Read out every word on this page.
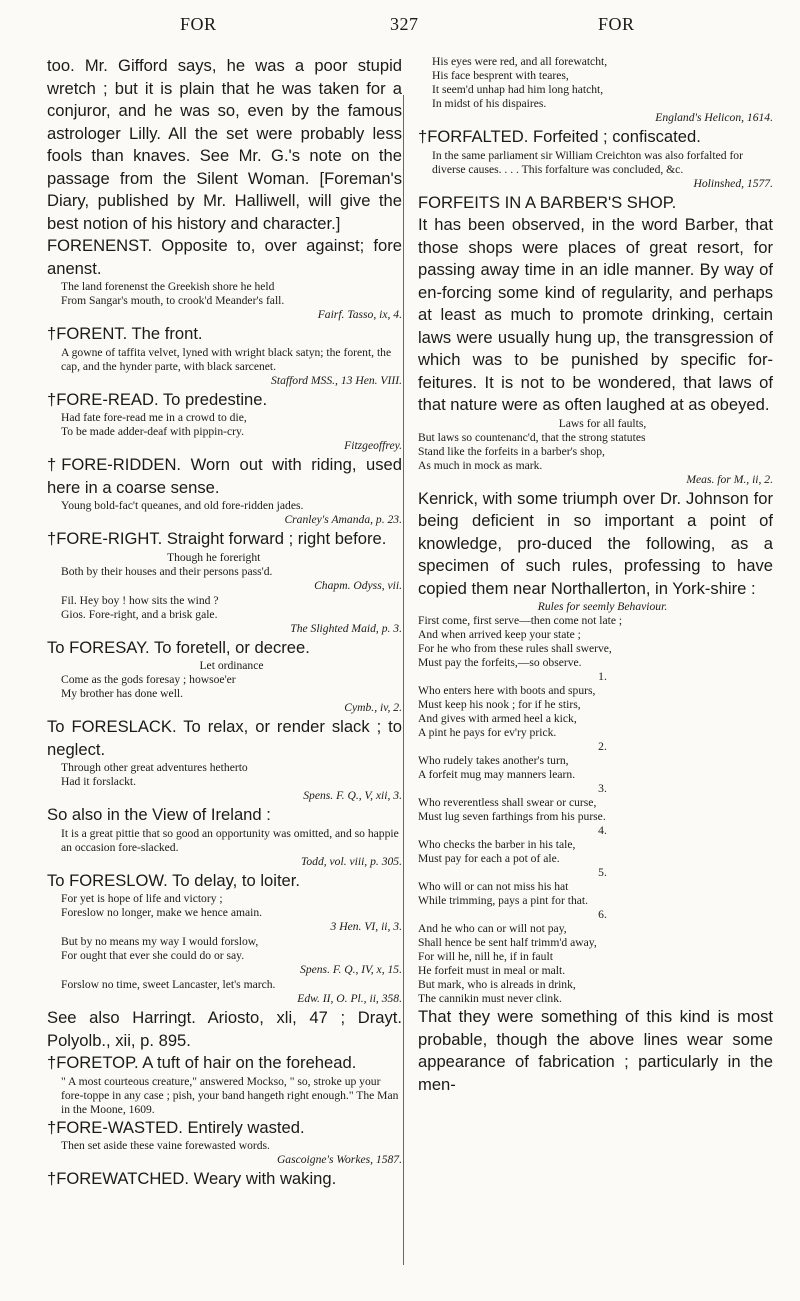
FOR	327	FOR

too. Mr. Gifford says, he was a poor stupid wretch ; but it is plain that he was taken for a conjuror, and he was so, even by the famous astrologer Lilly. All the set were probably less fools than knaves. See Mr. G.'s note on the passage from the Silent Woman. [Foreman's Diary, published by Mr. Halliwell, will give the best notion of his history and character.]

FORENENST. Opposite to, over against; fore anenst.

The land forenenst the Greekish shore he held

From Sangar's mouth, to crook'd Meander's fall.

Fairf. Tasso, ix, 4.

†FORENT. The front.

A gowne of taffita velvet, lyned with wright black satyn; the forent, the cap, and the hynder parte, with black sarcenet.

Stafford MSS., 13 Hen. VIII.

†FORE-READ. To predestine.

Had fate fore-read me in a crowd to die,

To be made adder-deaf with pippin-cry.

Fitzgeoffrey.

†FORE-RIDDEN. Worn out with riding, used here in a coarse sense.

Young bold-fac't queanes, and old fore-ridden jades.

Cranley's Amanda, p. 23.

†FORE-RIGHT. Straight forward ; right before.

Though he foreright

Both by their houses and their persons pass'd.

Chapm. Odyss, vii.

Fil. Hey boy ! how sits the wind ?

Gios. Fore-right, and a brisk gale.

The Slighted Maid, p. 3.

To FORESAY. To foretell, or decree.

Let ordinance

Come as the gods foresay ; howsoe'er

My brother has done well.

Cymb., iv, 2.

To FORESLACK. To relax, or render slack ; to neglect.

Through other great adventures hetherto

Had it forslackt.

Spens. F. Q., V, xii, 3.

So also in the View of Ireland :

It is a great pittie that so good an opportunity was omitted, and so happie an occasion fore-slacked.

Todd, vol. viii, p. 305.

To FORESLOW. To delay, to loiter.

For yet is hope of life and victory ;

Foreslow no longer, make we hence amain.

3 Hen. VI, ii, 3.

But by no means my way I would forslow,

For ought that ever she could do or say.

Spens. F. Q., IV, x, 15.

Forslow no time, sweet Lancaster, let's march.

Edw. II, O. Pl., ii, 358.

See also Harringt. Ariosto, xli, 47 ; Drayt. Polyolb., xii, p. 895.

†FORETOP. A tuft of hair on the forehead.

" A most courteous creature," answered Mockso, " so, stroke up your fore-toppe in any case ; pish, your band hangeth right enough." The Man in the Moone, 1609.

†FORE-WASTED. Entirely wasted.

Then set aside these vaine forewasted words.

Gascoigne's Workes, 1587.

†FOREWATCHED. Weary with waking.

His eyes were red, and all forewatcht,

His face besprent with teares,

It seem'd unhap had him long hatcht,

In midst of his dispaires.

England's Helicon, 1614.

†FORFALTED. Forfeited ; confiscated.

In the same parliament sir William Creichton was also forfalted for diverse causes. . . . This forfalture was concluded, &c.

Holinshed, 1577.

FORFEITS IN A BARBER'S SHOP.

It has been observed, in the word Barber, that those shops were places of great resort, for passing away time in an idle manner. By way of en-forcing some kind of regularity, and perhaps at least as much to promote drinking, certain laws were usually hung up, the transgression of which was to be punished by specific for-feitures. It is not to be wondered, that laws of that nature were as often laughed at as obeyed.

Laws for all faults,

But laws so countenanc'd, that the strong statutes

Stand like the forfeits in a barber's shop,

As much in mock as mark.

Meas. for M., ii, 2.

Kenrick, with some triumph over Dr. Johnson for being deficient in so important a point of knowledge, pro-duced the following, as a specimen of such rules, professing to have copied them near Northallerton, in York-shire :

Rules for seemly Behaviour.

First come, first serve—then come not late ;

And when arrived keep your state ;

For he who from these rules shall swerve,

Must pay the forfeits,—so observe.

1.

Who enters here with boots and spurs,

Must keep his nook ; for if he stirs,

And gives with armed heel a kick,

A pint he pays for ev'ry prick.

2.

Who rudely takes another's turn,

A forfeit mug may manners learn.

3.

Who reverentless shall swear or curse,

Must lug seven farthings from his purse.

4.

Who checks the barber in his tale,

Must pay for each a pot of ale.

5.

Who will or can not miss his hat

While trimming, pays a pint for that.

6.

And he who can or will not pay,

Shall hence be sent half trimm'd away,

For will he, nill he, if in fault

He forfeit must in meal or malt.

But mark, who is alreads in drink,

The cannikin must never clink.

That they were something of this kind is most probable, though the above lines wear some appearance of fabrication ; particularly in the men-
